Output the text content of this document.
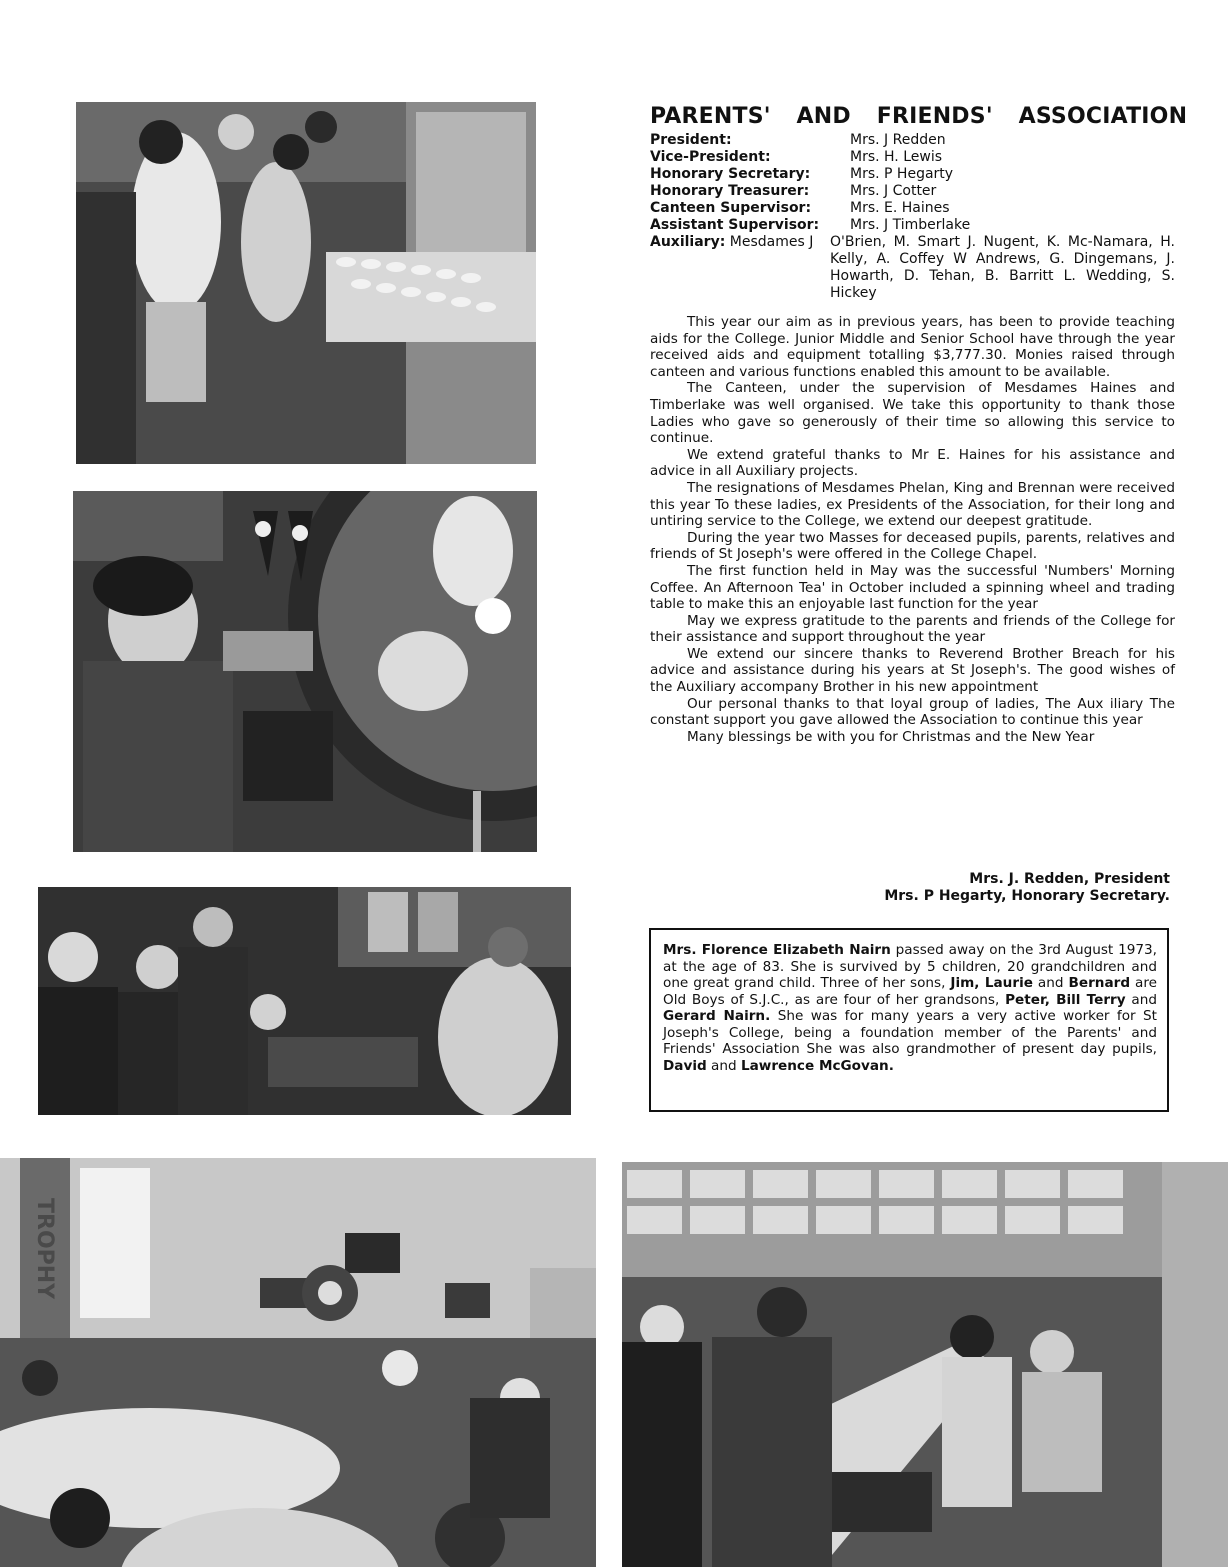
TROPHY
PARENTS' AND FRIENDS' ASSOCIATION
President:	Mrs. J Redden
Vice-President:	Mrs. H. Lewis
Honorary Secretary:	Mrs. P Hegarty
Honorary Treasurer:	Mrs. J Cotter
Canteen Supervisor:	Mrs. E. Haines
Assistant Supervisor:	Mrs. J Timberlake
Auxiliary: Mesdames J	O'Brien, M. Smart J. Nugent, K. Mc-Namara, H. Kelly, A. Coffey W Andrews, G. Dingemans, J. Howarth, D. Tehan, B. Barritt L. Wedding, S. Hickey

This year our aim as in previous years, has been to provide teaching aids for the College. Junior Middle and Senior School have through the year received aids and equipment totalling $3,777.30. Monies raised through canteen and various functions enabled this amount to be available.

The Canteen, under the supervision of Mesdames Haines and Timberlake was well organised. We take this opportunity to thank those Ladies who gave so generously of their time so allowing this service to continue.

We extend grateful thanks to Mr E. Haines for his assistance and advice in all Auxiliary projects.

The resignations of Mesdames Phelan, King and Brennan were received this year To these ladies, ex Presidents of the Association, for their long and untiring service to the College, we extend our deepest gratitude.

During the year two Masses for deceased pupils, parents, relatives and friends of St Joseph's were offered in the College Chapel.

The first function held in May was the successful 'Numbers' Morning Coffee. An Afternoon Tea' in October included a spinning wheel and trading table to make this an enjoyable last function for the year

May we express gratitude to the parents and friends of the College for their assistance and support throughout the year

We extend our sincere thanks to Reverend Brother Breach for his advice and assistance during his years at St Joseph's. The good wishes of the Auxiliary accompany Brother in his new appointment

Our personal thanks to that loyal group of ladies, The Aux iliary The constant support you gave allowed the Association to continue this year

Many blessings be with you for Christmas and the New Year

Mrs. J. Redden, President
Mrs. P Hegarty, Honorary Secretary.
Mrs. Florence Elizabeth Nairn passed away on the 3rd August 1973, at the age of 83. She is survived by 5 children, 20 grandchildren and one great grand child. Three of her sons, Jim, Laurie and Bernard are Old Boys of S.J.C., as are four of her grandsons, Peter, Bill Terry and Gerard Nairn. She was for many years a very active worker for St Joseph's College, being a foundation member of the Parents' and Friends' Association She was also grandmother of present day pupils, David and Lawrence McGovan.
